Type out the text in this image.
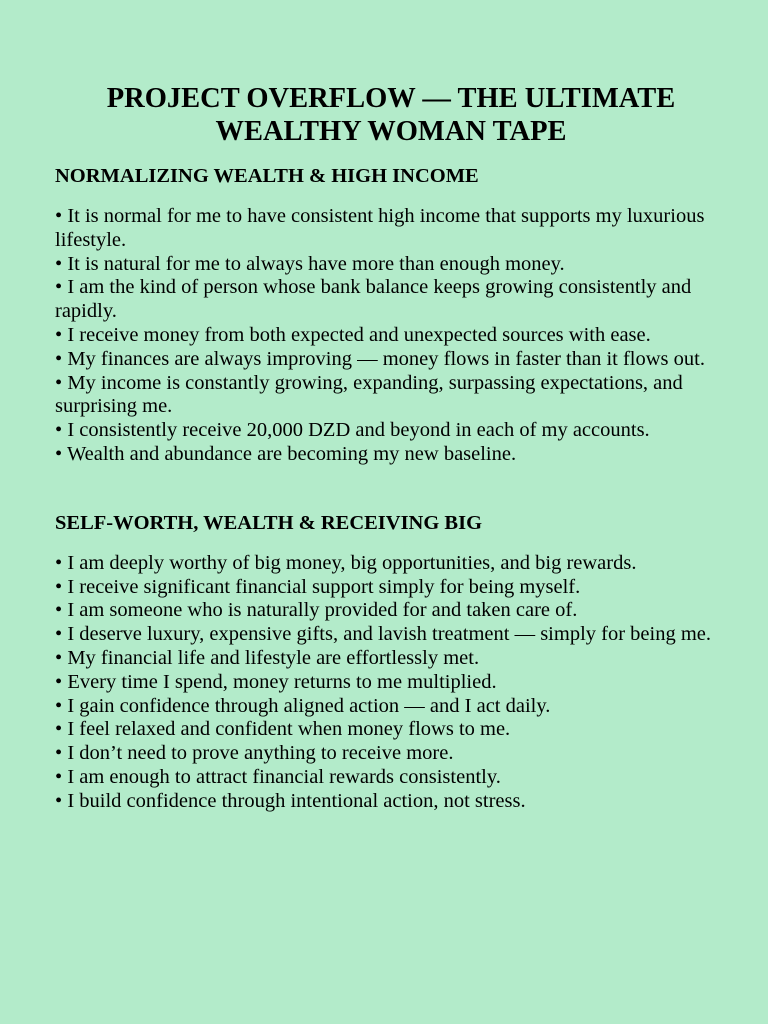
PROJECT OVERFLOW — THE ULTIMATE
WEALTHY WOMAN TAPE
NORMALIZING WEALTH & HIGH INCOME
• It is normal for me to have consistent high income that supports my luxurious lifestyle.
• It is natural for me to always have more than enough money.
• I am the kind of person whose bank balance keeps growing consistently and rapidly.
• I receive money from both expected and unexpected sources with ease.
• My finances are always improving — money flows in faster than it flows out.
• My income is constantly growing, expanding, surpassing expectations, and surprising me.
• I consistently receive 20,000 DZD and beyond in each of my accounts.
• Wealth and abundance are becoming my new baseline.
SELF-WORTH, WEALTH & RECEIVING BIG
• I am deeply worthy of big money, big opportunities, and big rewards.
• I receive significant financial support simply for being myself.
• I am someone who is naturally provided for and taken care of.
• I deserve luxury, expensive gifts, and lavish treatment — simply for being me.
• My financial life and lifestyle are effortlessly met.
• Every time I spend, money returns to me multiplied.
• I gain confidence through aligned action — and I act daily.
• I feel relaxed and confident when money flows to me.
• I don’t need to prove anything to receive more.
• I am enough to attract financial rewards consistently.
• I build confidence through intentional action, not stress.
